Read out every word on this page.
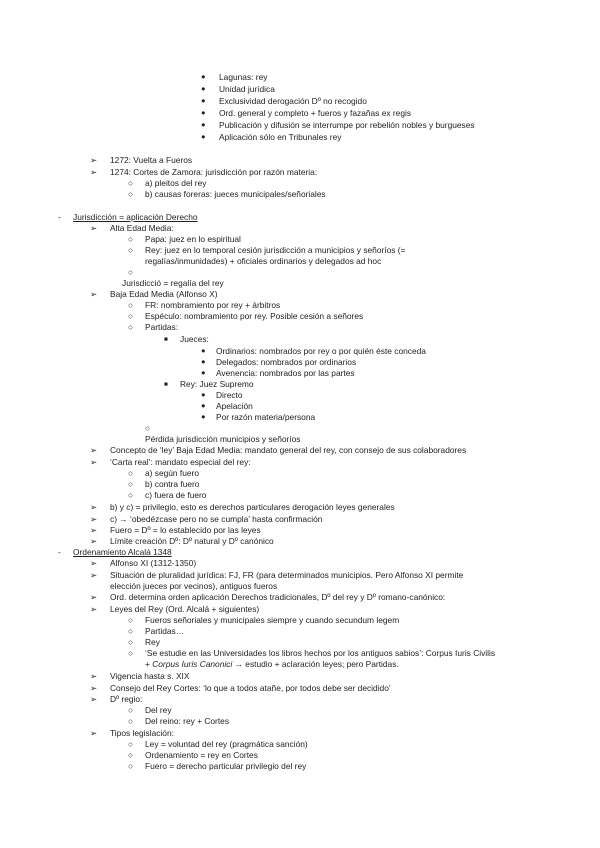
● Lagunas: rey
● Unidad jurídica
● Exclusividad derogación Dº no recogido
● Ord. general y completo + fueros y fazañas ex regis
● Publicación y difusión se interrumpe por rebelión nobles y burgueses
● Aplicación sólo en Tribunales rey
➢ 1272: Vuelta a Fueros
➢ 1274: Cortes de Zamora: jurisdicción por razón materia:
○ a) pleitos del rey
○ b) causas foreras: jueces municipales/señoriales
- Jurisdicción = aplicación Derecho
➢ Alta Edad Media:
○ Papa: juez en lo espiritual
○ Rey: juez en lo temporal cesión jurisdicción a municipios y señoríos (=
regalías/inmunidades) + oficiales ordinarios y delegados ad hoc
○
Jurisdicció = regalía del rey
➢ Baja Edad Media (Alfonso X)
○ FR: nombramiento por rey + árbitros
○ Espéculo: nombramiento por rey. Posible cesión a señores
○ Partidas:
■ Jueces:
● Ordinarios: nombrados por rey o por quién éste conceda
● Delegados: nombrados por ordinarios
● Avenencia: nombrados por las partes
■ Rey: Juez Supremo
● Directo
● Apelación
● Por razón materia/persona
○
Pérdida jurisdicción municipios y señoríos
➢ Concepto de ‘ley’ Baja Edad Media: mandato general del rey, con consejo de sus colaboradores
➢ ‘Carta real’: mandato especial del rey:
○ a) según fuero
○ b) contra fuero
○ c) fuera de fuero
➢ b) y c) = privilegio, esto es derechos particulares derogación leyes generales
➢ c) → ‘obedézcase pero no se cumpla’ hasta confirmación
➢ Fuero = Dº = lo establecido por las leyes
➢ Límite creación Dº: Dº natural y Dº canónico
- Ordenamiento Alcalá 1348
➢ Alfonso XI (1312-1350)
➢ Situación de pluralidad jurídica: FJ, FR (para determinados municipios. Pero Alfonso XI permite
elección jueces por vecinos), antiguos fueros
➢ Ord. determina orden aplicación Derechos tradicionales, Dº del rey y Dº romano-canónico:
➢ Leyes del Rey (Ord. Alcalá + siguientes)
○ Fueros señoriales y municipales siempre y cuando secundum legem
○ Partidas…
○ Rey
○ ‘Se estudie en las Universidades los libros hechos por los antiguos sabios’: Corpus Iuris Civilis
+ Corpus Iuris Canonici → estudio + aclaración leyes; pero Partidas.
➢ Vigencia hasta s. XIX
➢ Consejo del Rey Cortes: ‘lo que a todos atañe, por todos debe ser decidido’
➢ Dº regio:
○ Del rey
○ Del reino: rey + Cortes
➢ Tipos legislación:
○ Ley = voluntad del rey (pragmática sanción)
○ Ordenamiento = rey en Cortes
○ Fuero = derecho particular privilegio del rey
